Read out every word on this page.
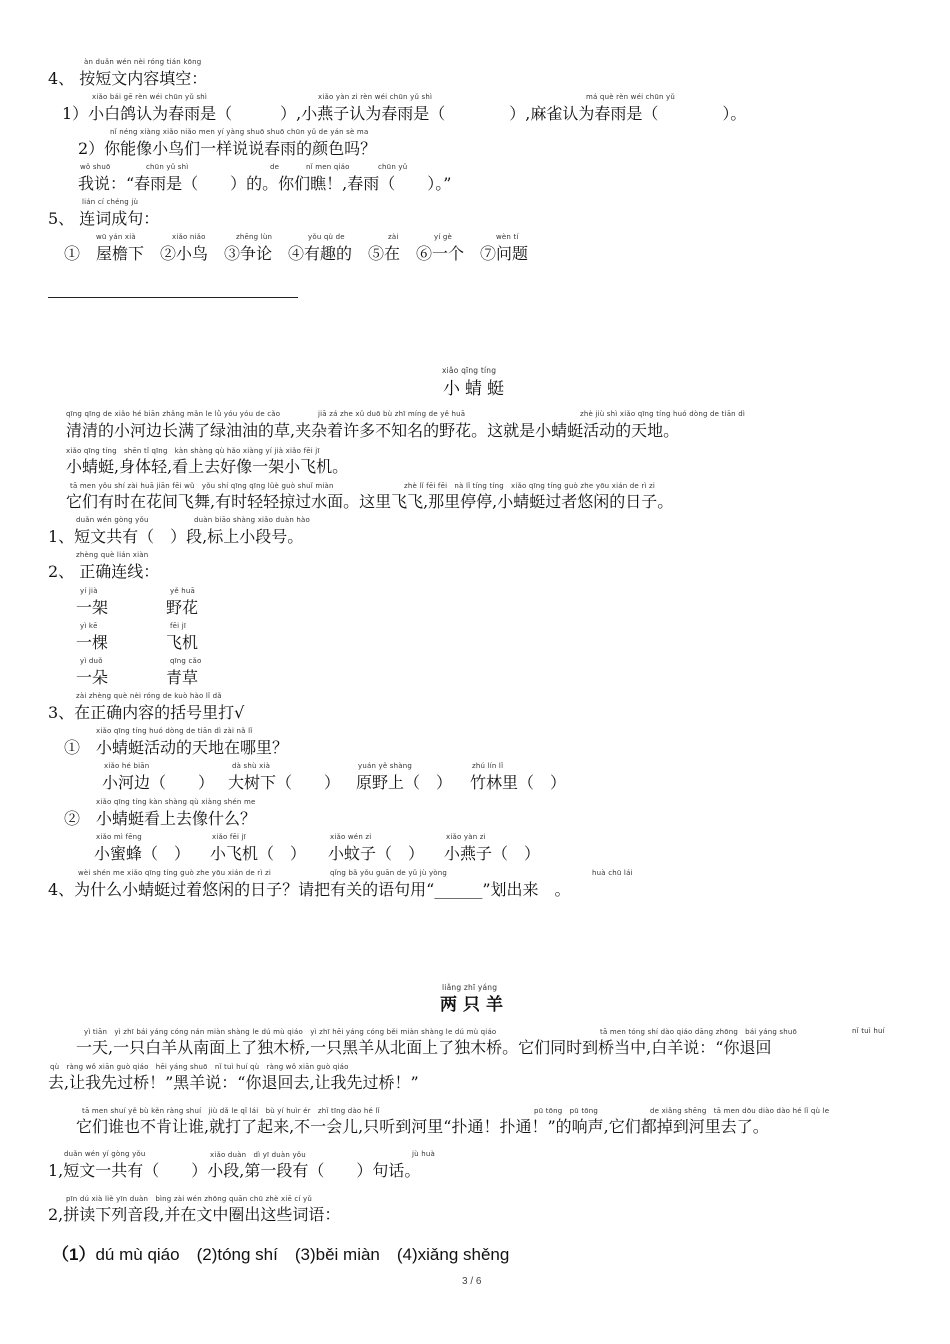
àn duǎn wén nèi róng tián kōng
4、 按短文内容填空：
xiǎo bái gē rèn wéi chūn yǔ shì	xiǎo yàn zi rèn wéi chūn yǔ shì	má què rèn wéi chūn yǔ
1）小白鸽认为春雨是（　　　）,小燕子认为春雨是（　　　　）,麻雀认为春雨是（　　　　）。
nǐ néng xiàng xiǎo niǎo men yí yàng shuō shuō chūn yǔ de yán sè ma
2）你能像小鸟们一样说说春雨的颜色吗？
wǒ shuō	chūn yǔ shì	de	nǐ men qiáo	chūn yǔ
我说：“春雨是（　　）的。你们瞧！,春雨（　　）。”
lián cí chéng jù
5、 连词成句：
wū yán xià	xiǎo niǎo	zhēng lùn	yǒu qù de	zài	yí gè	wèn tí
①　屋檐下　②小鸟　③争论　④有趣的　⑤在　⑥一个　⑦问题
xiǎo qīng tíng
小蜻蜓
qīng qīng de xiǎo hé biān zhǎng mǎn le lǜ yóu yóu de cǎo	jiā zá zhe xǔ duō bù zhī míng de yě huā	zhè jiù shì xiǎo qīng tíng huó dòng de tiān dì
清清的小河边长满了绿油油的草,夹杂着许多不知名的野花。这就是小蜻蜓活动的天地。
xiǎo qīng tíng　shēn tǐ qīng　kàn shàng qù hǎo xiàng yí jià xiǎo fēi jī
小蜻蜓,身体轻,看上去好像一架小飞机。
tā men yǒu shí zài huā jiān fēi wǔ　yǒu shí qīng qīng lüè guò shuǐ miàn	zhè lǐ fēi fēi　nà lǐ tíng tíng　xiǎo qīng tíng guò zhe yōu xián de rì zi
它们有时在花间飞舞,有时轻轻掠过水面。这里飞飞,那里停停,小蜻蜓过者悠闲的日子。
duǎn wén gòng yǒu	duàn biāo shàng xiǎo duàn hào
1、短文共有（　）段,标上小段号。
zhèng què lián xiàn
2、 正确连线：
yí jià
一架
yě huā
野花
yì kē
一棵
fēi jī
飞机
yì duǒ
一朵
qīng cǎo
青草
zài zhèng què nèi róng de kuò hào lǐ dǎ
3、在正确内容的括号里打√
xiǎo qīng tíng huó dòng de tiān dì zài nǎ lǐ
①　小蜻蜓活动的天地在哪里？
xiǎo hé biān
小河边（　　）
dà shù xià
大树下（　　）
yuán yě shàng
原野上（　）
zhú lín lǐ
竹林里（　）
xiǎo qīng tíng kàn shàng qù xiàng shén me
②　小蜻蜓看上去像什么？
xiǎo mì fēng
小蜜蜂（　）
xiǎo fēi jī
小飞机（　）
xiǎo wén zi
小蚊子（　）
xiǎo yàn zi
小燕子（　）
wèi shén me xiǎo qīng tíng guò zhe yōu xián de rì zi	qǐng bǎ yǒu guān de yǔ jù yòng	huà chū lái
4、为什么小蜻蜓过着悠闲的日子？请把有关的语句用“______”划出来　。
liǎng zhī yáng
两只羊
yì tiān　yì zhī bái yáng cóng nán miàn shàng le dú mù qiáo　yì zhī hēi yáng cóng běi miàn shàng le dú mù qiáo	tā men tóng shí dào qiáo dāng zhōng　bái yáng shuō	nǐ tuì huí
一天,一只白羊从南面上了独木桥,一只黑羊从北面上了独木桥。它们同时到桥当中,白羊说：“你退回
qù　ràng wǒ xiān guò qiáo　hēi yáng shuō　nǐ tuì huí qù　ràng wǒ xiān guò qiáo
去,让我先过桥！”黑羊说：“你退回去,让我先过桥！”
tā men shuí yě bù kěn ràng shuí　jiù dǎ le qǐ lái　bù yí huìr ér　zhǐ tīng dào hé lǐ	pū tōng　pū tōng	de xiǎng shēng　tā men dōu diào dào hé lǐ qù le
它们谁也不肯让谁,就打了起来,不一会儿,只听到河里“扑通！扑通！”的响声,它们都掉到河里去了。
duǎn wén yí gòng yǒu	xiǎo duàn　dì yī duàn yǒu	jù huà
1,短文一共有（　　）小段,第一段有（　　）句话。
pīn dú xià liè yīn duàn　bìng zài wén zhōng quān chū zhè xiē cí yǔ
2,拼读下列音段,并在文中圈出这些词语：
（1）dú mù qiáo　(2)tóng shí　(3)běi miàn　(4)xiǎng shěng
3 / 6
